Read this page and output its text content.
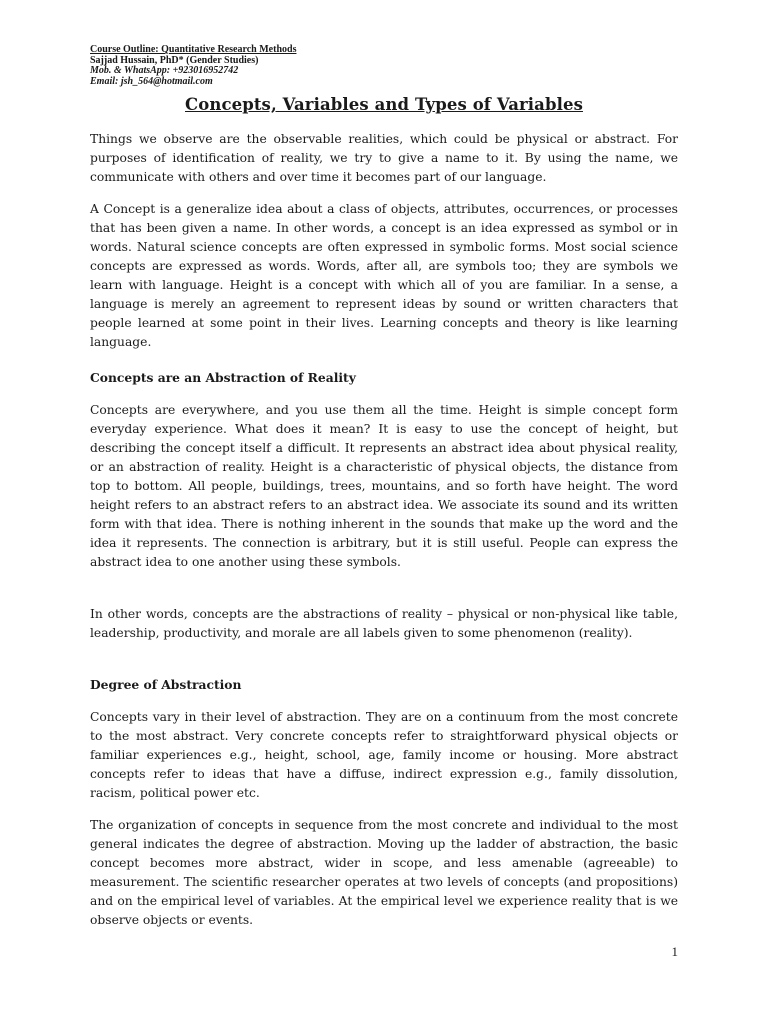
Course Outline: Quantitative Research Methods
Sajjad Hussain, PhD* (Gender Studies)
Mob. & WhatsApp: +923016952742
Email: jsh_564@hotmail.com
Concepts, Variables and Types of Variables

Things we observe are the observable realities, which could be physical or abstract. For purposes of identification of reality, we try to give a name to it. By using the name, we communicate with others and over time it becomes part of our language.

A Concept is a generalize idea about a class of objects, attributes, occurrences, or processes that has been given a name. In other words, a concept is an idea expressed as symbol or in words. Natural science concepts are often expressed in symbolic forms. Most social science concepts are expressed as words. Words, after all, are symbols too; they are symbols we learn with language. Height is a concept with which all of you are familiar. In a sense, a language is merely an agreement to represent ideas by sound or written characters that people learned at some point in their lives. Learning concepts and theory is like learning language.

Concepts are an Abstraction of Reality

Concepts are everywhere, and you use them all the time. Height is simple concept form everyday experience. What does it mean? It is easy to use the concept of height, but describing the concept itself a difficult. It represents an abstract idea about physical reality, or an abstraction of reality. Height is a characteristic of physical objects, the distance from top to bottom. All people, buildings, trees, mountains, and so forth have height. The word height refers to an abstract refers to an abstract idea. We associate its sound and its written form with that idea. There is nothing inherent in the sounds that make up the word and the idea it represents. The connection is arbitrary, but it is still useful. People can express the abstract idea to one another using these symbols.

In other words, concepts are the abstractions of reality – physical or non-physical like table, leadership, productivity, and morale are all labels given to some phenomenon (reality).

Degree of Abstraction

Concepts vary in their level of abstraction. They are on a continuum from the most concrete to the most abstract. Very concrete concepts refer to straightforward physical objects or familiar experiences e.g., height, school, age, family income or housing. More abstract concepts refer to ideas that have a diffuse, indirect expression e.g., family dissolution, racism, political power etc.

The organization of concepts in sequence from the most concrete and individual to the most general indicates the degree of abstraction. Moving up the ladder of abstraction, the basic concept becomes more abstract, wider in scope, and less amenable (agreeable) to measurement. The scientific researcher operates at two levels of concepts (and propositions) and on the empirical level of variables. At the empirical level we experience reality that is we observe objects or events.

1
